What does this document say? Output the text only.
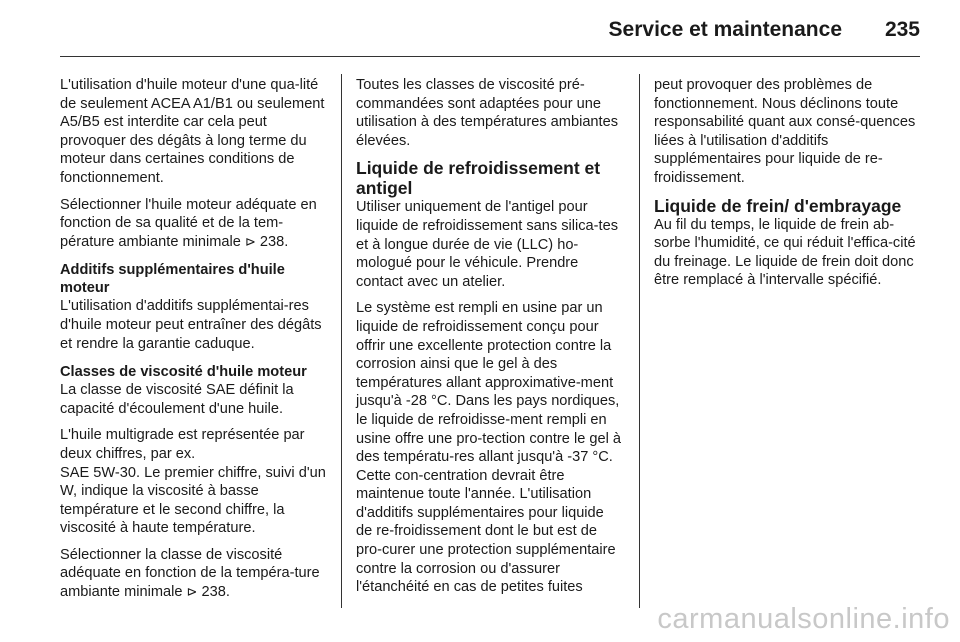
Service et maintenance 235

L'utilisation d'huile moteur d'une qua-lité de seulement ACEA A1/B1 ou seulement A5/B5 est interdite car cela peut provoquer des dégâts à long terme du moteur dans certaines conditions de fonctionnement.

Sélectionner l'huile moteur adéquate en fonction de sa qualité et de la tem-pérature ambiante minimale ⊳ 238.

Additifs supplémentaires d'huile moteur

L'utilisation d'additifs supplémentai-res d'huile moteur peut entraîner des dégâts et rendre la garantie caduque.

Classes de viscosité d'huile moteur

La classe de viscosité SAE définit la capacité d'écoulement d'une huile.

L'huile multigrade est représentée par deux chiffres, par ex.
SAE 5W-30. Le premier chiffre, suivi d'un W, indique la viscosité à basse température et le second chiffre, la viscosité à haute température.

Sélectionner la classe de viscosité adéquate en fonction de la tempéra-ture ambiante minimale ⊳ 238.

Toutes les classes de viscosité pré-commandées sont adaptées pour une utilisation à des températures ambiantes élevées.

Liquide de refroidissement et antigel

Utiliser uniquement de l'antigel pour liquide de refroidissement sans silica-tes et à longue durée de vie (LLC) ho-mologué pour le véhicule. Prendre contact avec un atelier.

Le système est rempli en usine par un liquide de refroidissement conçu pour offrir une excellente protection contre la corrosion ainsi que le gel à des températures allant approximative-ment jusqu'à -28 °C. Dans les pays nordiques, le liquide de refroidisse-ment rempli en usine offre une pro-tection contre le gel à des températu-res allant jusqu'à -37 °C. Cette con-centration devrait être maintenue toute l'année. L'utilisation d'additifs supplémentaires pour liquide de re-froidissement dont le but est de pro-curer une protection supplémentaire contre la corrosion ou d'assurer l'étanchéité en cas de petites fuites

peut provoquer des problèmes de fonctionnement. Nous déclinons toute responsabilité quant aux consé-quences liées à l'utilisation d'additifs supplémentaires pour liquide de re-froidissement.

Liquide de frein/ d'embrayage

Au fil du temps, le liquide de frein ab-sorbe l'humidité, ce qui réduit l'effica-cité du freinage. Le liquide de frein doit donc être remplacé à l'intervalle spécifié.

carmanualsonline.info
